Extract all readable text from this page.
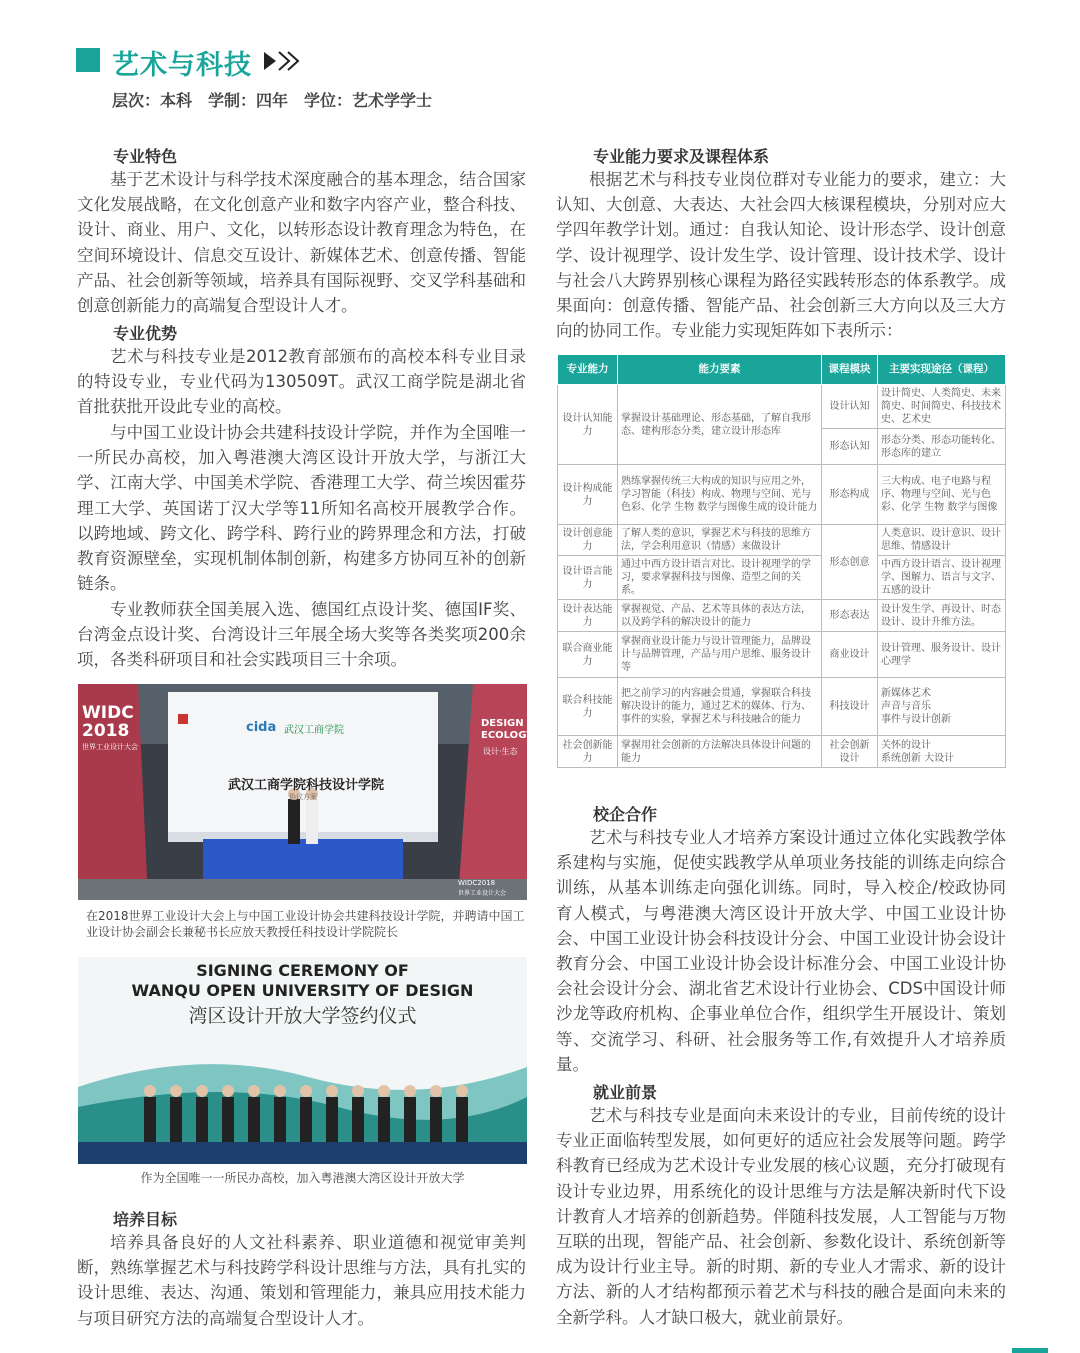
艺术与科技
层次：本科　学制：四年　学位：艺术学学士
专业特色

基于艺术设计与科学技术深度融合的基本理念，结合国家文化发展战略，在文化创意产业和数字内容产业，整合科技、设计、商业、用户、文化，以转形态设计教育理念为特色，在空间环境设计、信息交互设计、新媒体艺术、创意传播、智能产品、社会创新等领域，培养具有国际视野、交叉学科基础和创意创新能力的高端复合型设计人才。

专业优势

艺术与科技专业是2012教育部颁布的高校本科专业目录的特设专业，专业代码为130509T。武汉工商学院是湖北省首批获批开设此专业的高校。

与中国工业设计协会共建科技设计学院，并作为全国唯一一所民办高校，加入粤港澳大湾区设计开放大学，与浙江大学、江南大学、中国美术学院、香港理工大学、荷兰埃因霍芬理工大学、英国诺丁汉大学等11所知名高校开展教学合作。以跨地域、跨文化、跨学科、跨行业的跨界理念和方法，打破教育资源壁垒，实现机制体制创新，构建多方协同互补的创新链条。

专业教师获全国美展入选、德国红点设计奖、德国IF奖、台湾金点设计奖、台湾设计三年展全场大奖等各类奖项200余项，各类科研项目和社会实践项目三十余项。

WIDC 2018
世界工业设计大会
cida 武汉工商学院
DESIGN ECOLOGY
设计·生态
武汉工商学院科技设计学院
协议方案
WIDC2018
世界工业设计大会
在2018世界工业设计大会上与中国工业设计协会共建科技设计学院，并聘请中国工业设计协会副会长兼秘书长应放天教授任科技设计学院院长
SIGNING CEREMONY OF
WANQU OPEN UNIVERSITY OF DESIGN
湾区设计开放大学签约仪式
作为全国唯一一所民办高校，加入粤港澳大湾区设计开放大学
培养目标

培养具备良好的人文社科素养、职业道德和视觉审美判断，熟练掌握艺术与科技跨学科设计思维与方法，具有扎实的设计思维、表达、沟通、策划和管理能力，兼具应用技术能力与项目研究方法的高端复合型设计人才。

专业能力要求及课程体系

根据艺术与科技专业岗位群对专业能力的要求，建立：大认知、大创意、大表达、大社会四大核课程模块，分别对应大学四年教学计划。通过：自我认知论、设计形态学、设计创意学、设计视理学、设计发生学、设计管理、设计技术学、设计与社会八大跨界别核心课程为路径实践转形态的体系教学。成果面向：创意传播、智能产品、社会创新三大方向以及三大方向的协同工作。专业能力实现矩阵如下表所示：

专业能力	能力要素	课程模块	主要实现途径（课程）
设计认知能力	掌握设计基础理论、形态基础，了解自我形态、建构形态分类，建立设计形态库	设计认知	设计简史、人类简史、未来简史、时间简史、科技技术史、艺术史
		形态认知	形态分类、形态功能转化、形态库的建立
设计构成能力	熟练掌握传统三大构成的知识与应用之外，学习智能（科技）构成、物理与空间、光与色彩、化学 生物 数学与图像生成的设计能力	形态构成	三大构成、电子电路与程序、物理与空间、光与色彩、化学 生物 数学与图像
设计创意能力	了解人类的意识，掌握艺术与科技的思维方法，学会利用意识（情感）来做设计	形态创意	人类意识、设计意识、设计思维、情感设计
设计语言能力	通过中西方设计语言对比、设计视理学的学习，要求掌握科技与图像、造型之间的关系。		中西方设计语言、设计视理学、图解力、语言与文字、五感的设计
设计表达能力	掌握视觉、产品、艺术等具体的表达方法，以及跨学科的解决设计的能力	形态表达	设计发生学、再设计、时态设计、设计升维方法。
联合商业能力	掌握商业设计能力与设计管理能力，品牌设计与品牌管理，产品与用户思维、服务设计等	商业设计	设计管理、服务设计、设计心理学
联合科技能力	把之前学习的内容融会贯通，掌握联合科技解决设计的能力，通过艺术的媒体、行为、事件的实验，掌握艺术与科技融合的能力	科技设计	新媒体艺术
声音与音乐
事件与设计创新
社会创新能力	掌握用社会创新的方法解决具体设计问题的能力	社会创新设计	关怀的设计
系统创新 大设计
校企合作

艺术与科技专业人才培养方案设计通过立体化实践教学体系建构与实施，促使实践教学从单项业务技能的训练走向综合训练，从基本训练走向强化训练。同时，导入校企/校政协同育人模式，与粤港澳大湾区设计开放大学、中国工业设计协会、中国工业设计协会科技设计分会、中国工业设计协会设计教育分会、中国工业设计协会设计标准分会、中国工业设计协会社会设计分会、湖北省艺术设计行业协会、CDS中国设计师沙龙等政府机构、企事业单位合作，组织学生开展设计、策划等、交流学习、科研、社会服务等工作,有效提升人才培养质量。

就业前景

艺术与科技专业是面向未来设计的专业，目前传统的设计专业正面临转型发展，如何更好的适应社会发展等问题。跨学科教育已经成为艺术设计专业发展的核心议题，充分打破现有设计专业边界，用系统化的设计思维与方法是解决新时代下设计教育人才培养的创新趋势。伴随科技发展，人工智能与万物互联的出现，智能产品、社会创新、参数化设计、系统创新等成为设计行业主导。新的时期、新的专业人才需求、新的设计方法、新的人才结构都预示着艺术与科技的融合是面向未来的全新学科。人才缺口极大，就业前景好。
